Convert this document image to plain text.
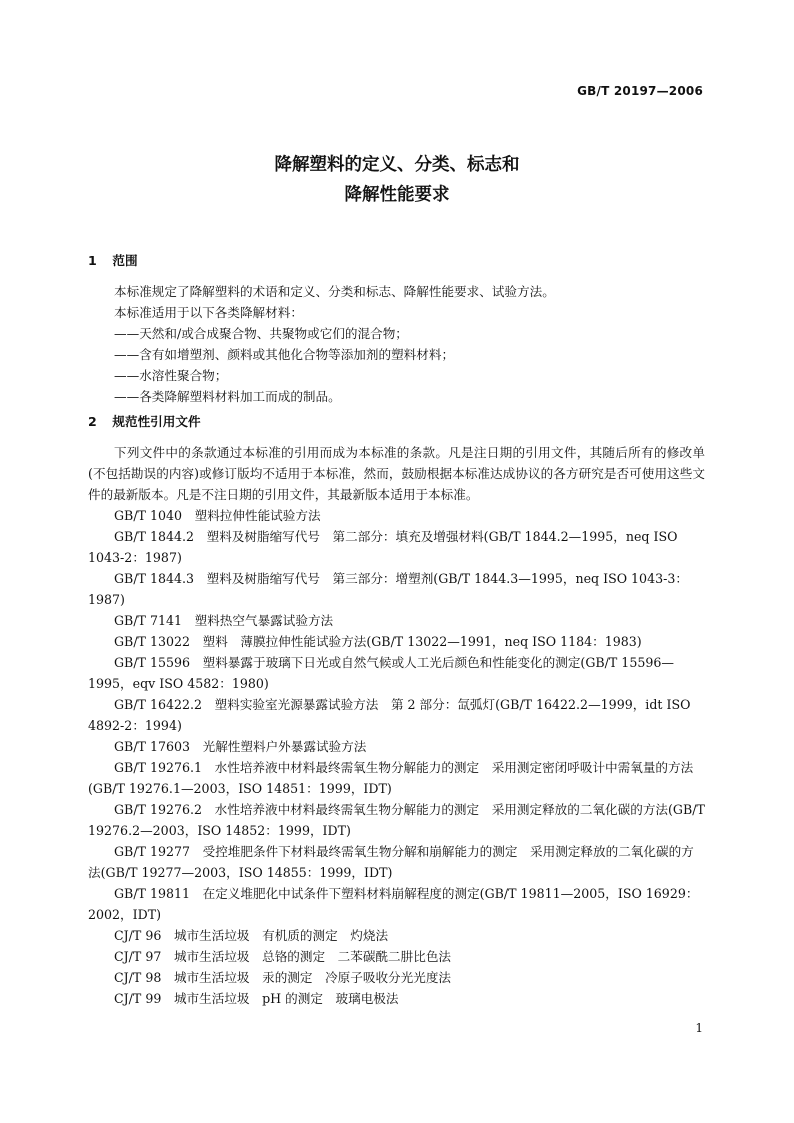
GB/T 20197—2006
降解塑料的定义、分类、标志和
降解性能要求
1 范围

本标准规定了降解塑料的术语和定义、分类和标志、降解性能要求、试验方法。

本标准适用于以下各类降解材料：

——天然和/或合成聚合物、共聚物或它们的混合物；

——含有如增塑剂、颜料或其他化合物等添加剂的塑料材料；

——水溶性聚合物；

——各类降解塑料材料加工而成的制品。

2 规范性引用文件

下列文件中的条款通过本标准的引用而成为本标准的条款。凡是注日期的引用文件，其随后所有的修改单(不包括勘误的内容)或修订版均不适用于本标准，然而，鼓励根据本标准达成协议的各方研究是否可使用这些文件的最新版本。凡是不注日期的引用文件，其最新版本适用于本标准。

GB/T 1040　塑料拉伸性能试验方法

GB/T 1844.2　塑料及树脂缩写代号　第二部分：填充及增强材料(GB/T 1844.2—1995，neq ISO 1043-2：1987)

GB/T 1844.3　塑料及树脂缩写代号　第三部分：增塑剂(GB/T 1844.3—1995，neq ISO 1043-3：1987)

GB/T 7141　塑料热空气暴露试验方法

GB/T 13022　塑料　薄膜拉伸性能试验方法(GB/T 13022—1991，neq ISO 1184：1983)

GB/T 15596　塑料暴露于玻璃下日光或自然气候或人工光后颜色和性能变化的测定(GB/T 15596—1995，eqv ISO 4582：1980)

GB/T 16422.2　塑料实验室光源暴露试验方法　第 2 部分：氙弧灯(GB/T 16422.2—1999，idt ISO 4892-2：1994)

GB/T 17603　光解性塑料户外暴露试验方法

GB/T 19276.1　水性培养液中材料最终需氧生物分解能力的测定　采用测定密闭呼吸计中需氧量的方法(GB/T 19276.1—2003，ISO 14851：1999，IDT)

GB/T 19276.2　水性培养液中材料最终需氧生物分解能力的测定　采用测定释放的二氧化碳的方法(GB/T 19276.2—2003，ISO 14852：1999，IDT)

GB/T 19277　受控堆肥条件下材料最终需氧生物分解和崩解能力的测定　采用测定释放的二氧化碳的方法(GB/T 19277—2003，ISO 14855：1999，IDT)

GB/T 19811　在定义堆肥化中试条件下塑料材料崩解程度的测定(GB/T 19811—2005，ISO 16929：2002，IDT)

CJ/T 96　城市生活垃圾　有机质的测定　灼烧法

CJ/T 97　城市生活垃圾　总铬的测定　二苯碳酰二肼比色法

CJ/T 98　城市生活垃圾　汞的测定　冷原子吸收分光光度法

CJ/T 99　城市生活垃圾　pH 的测定　玻璃电极法

1
